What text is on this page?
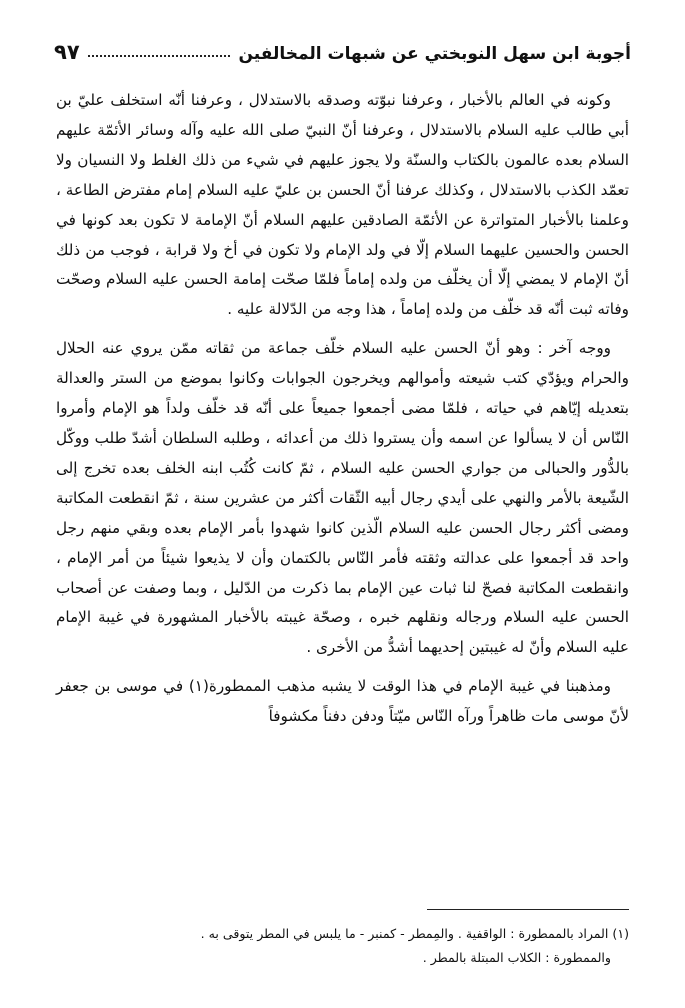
أجوبة ابن سهل النوبختي عن شبهات المخالفين
٩٧

وكونه في العالم بالأخبار ، وعرفنا نبوّته وصدقه بالاستدلال ، وعرفنا أنّه استخلف عليّ بن أبي طالب عليه السلام بالاستدلال ، وعرفنا أنّ النبيّ صلى الله عليه وآله وسائر الأئمّة عليهم السلام بعده عالمون بالكتاب والسنّة ولا يجوز عليهم في شيء من ذلك الغلط ولا النسيان ولا تعمّد الكذب بالاستدلال ، وكذلك عرفنا أنّ الحسن بن عليّ عليه السلام إمام مفترض الطاعة ، وعلمنا بالأخبار المتواترة عن الأئمّة الصادقين عليهم السلام أنّ الإمامة لا تكون بعد كونها في الحسن والحسين عليهما السلام إلّا في ولد الإمام ولا تكون في أخ ولا قرابة ، فوجب من ذلك أنّ الإمام لا يمضي إلّا أن يخلّف من ولده إماماً فلمّا صحّت إمامة الحسن عليه السلام وصحّت وفاته ثبت أنّه قد خلّف من ولده إماماً ، هذا وجه من الدّلالة عليه .

ووجه آخر : وهو أنّ الحسن عليه السلام خلّف جماعة من ثقاته ممّن يروي عنه الحلال والحرام ويؤدّي كتب شيعته وأموالهم ويخرجون الجوابات وكانوا بموضع من الستر والعدالة بتعديله إيّاهم في حياته ، فلمّا مضى أجمعوا جميعاً على أنّه قد خلّف ولداً هو الإمام وأمروا النّاس أن لا يسألوا عن اسمه وأن يستروا ذلك من أعدائه ، وطلبه السلطان أشدّ طلب ووكّل بالدُّور والحبالى من جواري الحسن عليه السلام ، ثمّ كانت كُتُب ابنه الخلف بعده تخرج إلى الشّيعة بالأمر والنهي على أيدي رجال أبيه الثّقات أكثر من عشرين سنة ، ثمّ انقطعت المكاتبة ومضى أكثر رجال الحسن عليه السلام الّذين كانوا شهدوا بأمر الإمام بعده وبقي منهم رجل واحد قد أجمعوا على عدالته وثقته فأمر النّاس بالكتمان وأن لا يذيعوا شيئاً من أمر الإمام ، وانقطعت المكاتبة فصحّ لنا ثبات عين الإمام بما ذكرت من الدّليل ، وبما وصفت عن أصحاب الحسن عليه السلام ورجاله ونقلهم خبره ، وصحّة غيبته بالأخبار المشهورة في غيبة الإمام عليه السلام وأنّ له غيبتين إحديهما أشدُّ من الأخرى .

ومذهبنا في غيبة الإمام في هذا الوقت لا يشبه مذهب الممطورة(١) في موسى بن جعفر لأنّ موسى مات ظاهراً ورآه النّاس ميّتاً ودفن دفناً مكشوفاً

(١) المراد بالممطورة : الواقفية . والمِمطر - كمنبر - ما يلبس في المطر يتوقى به .

والممطورة : الكلاب المبتلة بالمطر .
